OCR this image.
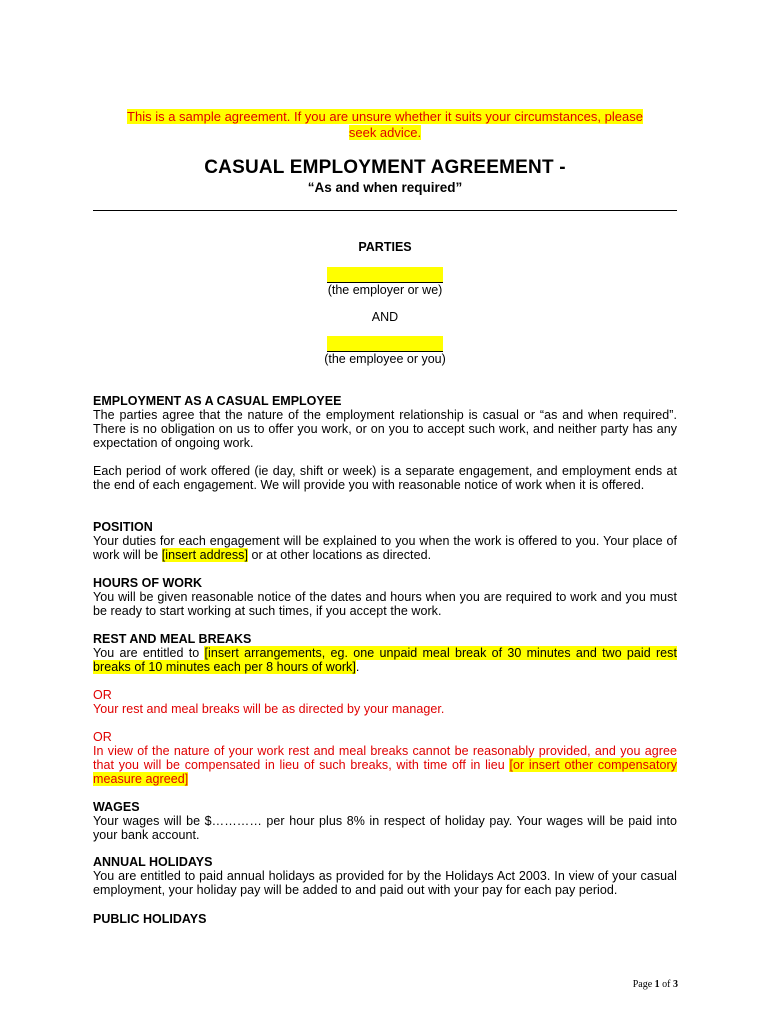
This is a sample agreement. If you are unsure whether it suits your circumstances, please
seek advice.
CASUAL EMPLOYMENT AGREEMENT -
“As and when required”
PARTIES
(the employer or we)
AND
(the employee or you)
EMPLOYMENT AS A CASUAL EMPLOYEE
The parties agree that the nature of the employment relationship is casual or “as and when required”. There is no obligation on us to offer you work, or on you to accept such work, and neither party has any expectation of ongoing work.
Each period of work offered (ie day, shift or week) is a separate engagement, and employment ends at the end of each engagement. We will provide you with reasonable notice of work when it is offered.
POSITION
Your duties for each engagement will be explained to you when the work is offered to you. Your place of work will be [insert address] or at other locations as directed.
HOURS OF WORK
You will be given reasonable notice of the dates and hours when you are required to work and you must be ready to start working at such times, if you accept the work.
REST AND MEAL BREAKS
You are entitled to [insert arrangements, eg. one unpaid meal break of 30 minutes and two paid rest breaks of 10 minutes each per 8 hours of work].
OR
Your rest and meal breaks will be as directed by your manager.
OR
In view of the nature of your work rest and meal breaks cannot be reasonably provided, and you agree that you will be compensated in lieu of such breaks, with time off in lieu [or insert other compensatory measure agreed]
WAGES
Your wages will be $………… per hour plus 8% in respect of holiday pay. Your wages will be paid into your bank account.
ANNUAL HOLIDAYS
You are entitled to paid annual holidays as provided for by the Holidays Act 2003. In view of your casual employment, your holiday pay will be added to and paid out with your pay for each pay period.
PUBLIC HOLIDAYS
Page 1 of 3
